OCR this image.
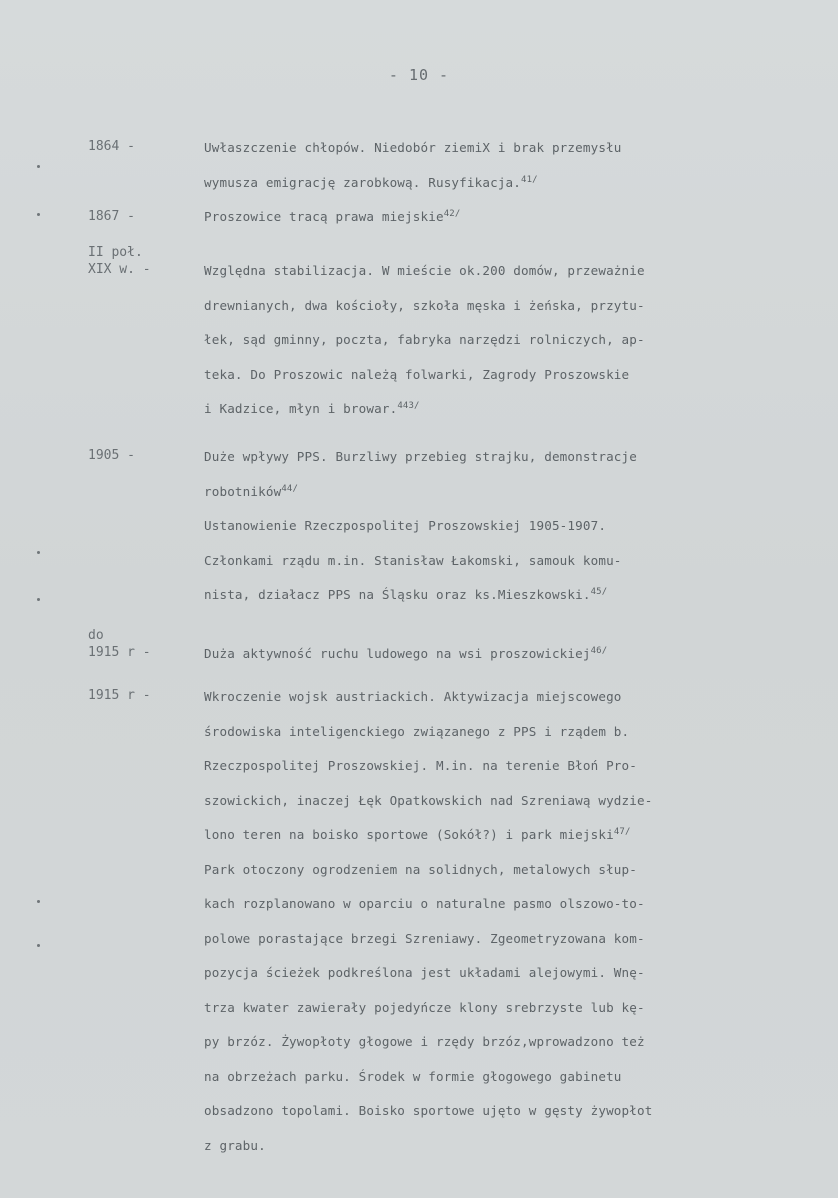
- 10 -
1864 -	Uwłaszczenie chłopów. Niedobór ziemiX i brak przemysłu
wymusza emigrację zarobkową. Rusyfikacja.$^{41/}$
1867 -	Proszowice tracą prawa miejskie$^{42/}$
II poł.
XIX w. -	Względna stabilizacja. W mieście ok.200 domów, przeważnie
drewnianych, dwa kościoły, szkoła męska i żeńska, przytu-
łek, sąd gminny, poczta, fabryka narzędzi rolniczych, ap-
teka. Do Proszowic należą folwarki, Zagrody Proszowskie
i Kadzice, młyn i browar.$^{443/}$
1905 -	Duże wpływy PPS. Burzliwy przebieg strajku, demonstracje
robotników$^{44/}$
Ustanowienie Rzeczpospolitej Proszowskiej 1905-1907.
Członkami rządu m.in. Stanisław Łakomski, samouk komu-
nista, działacz PPS na Śląsku oraz ks.Mieszkowski.$^{45/}$
do
1915 r -	Duża aktywność ruchu ludowego na wsi proszowickiej$^{46/}$
1915 r -	Wkroczenie wojsk austriackich. Aktywizacja miejscowego
środowiska inteligenckiego związanego z PPS i rządem b.
Rzeczpospolitej Proszowskiej. M.in. na terenie Błoń Pro-
szowickich, inaczej Łęk Opatkowskich nad Szreniawą wydzie-
lono teren na boisko sportowe (Sokół?) i park miejski$^{47/}$
Park otoczony ogrodzeniem na solidnych, metalowych słup-
kach rozplanowano w oparciu o naturalne pasmo olszowo-to-
polowe porastające brzegi Szreniawy. Zgeometryzowana kom-
pozycja ścieżek podkreślona jest układami alejowymi. Wnę-
trza kwater zawierały pojedyńcze klony srebrzyste lub kę-
py brzóz. Żywopłoty głogowe i rzędy brzóz,wprowadzono też
na obrzeżach parku. Środek w formie głogowego gabinetu
obsadzono topolami. Boisko sportowe ujęto w gęsty żywopłot
z grabu.
